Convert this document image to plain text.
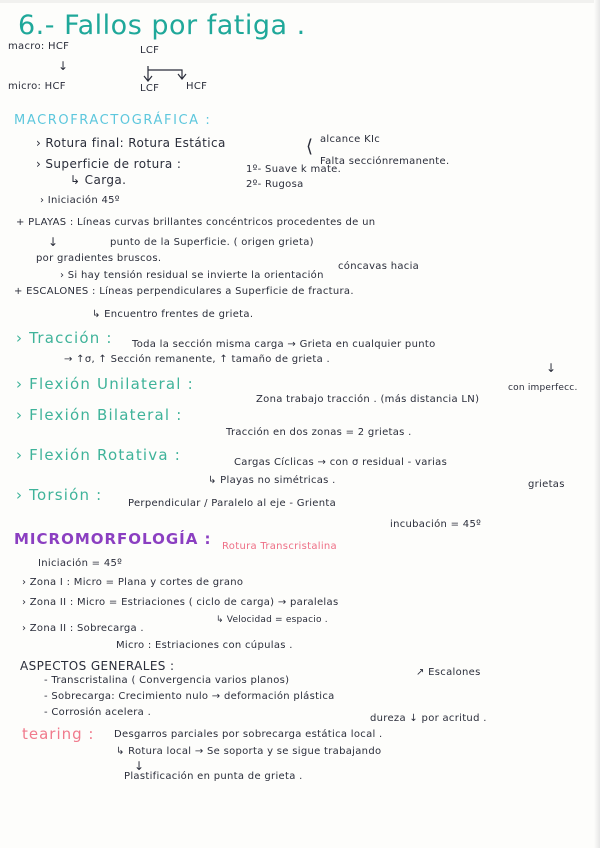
6.- Fallos por fatiga .
macro: HCF	LCF
↓
micro: HCF	LCF	HCF
MACROFRACTOGRÁFICA :
› Rotura final: Rotura Estática	⟨ alcance KIc
Falta secciónremanente.
› Superficie de rotura :	1º- Suave k mate.
↳ Carga.	2º- Rugosa
› Iniciación 45º
+ PLAYAS : Líneas curvas brillantes concéntricos procedentes de un
↓	punto de la Superficie. ( origen grieta)
por gradientes bruscos.
cóncavas hacia
› Si hay tensión residual se invierte la orientación
+ ESCALONES : Líneas perpendiculares a Superficie de fractura.
↳ Encuentro frentes de grieta.
› Tracción : Toda la sección misma carga → Grieta en cualquier punto
→ ↑σ, ↑ Sección remanente, ↑ tamaño de grieta .
↓
con imperfecc.
› Flexión Unilateral :
Zona trabajo tracción . (más distancia LN)
› Flexión Bilateral :
Tracción en dos zonas = 2 grietas .
› Flexión Rotativa :	Cargas Cíclicas → con σ residual - varias
grietas
↳ Playas no simétricas .
› Torsión :	Perpendicular / Paralelo al eje - Grienta
incubación = 45º
MICROMORFOLOGÍA : Rotura Transcristalina
Iniciación = 45º
› Zona I : Micro = Plana y cortes de grano
› Zona II : Micro = Estriaciones ( ciclo de carga) → paralelas
↳ Velocidad = espacio .
› Zona II : Sobrecarga .
Micro : Estriaciones con cúpulas .
ASPECTOS GENERALES :	↗ Escalones
- Transcristalina ( Convergencia varios planos)
- Sobrecarga: Crecimiento nulo → deformación plástica
- Corrosión acelera .
dureza ↓ por acritud .
tearing : Desgarros parciales por sobrecarga estática local .
↳ Rotura local → Se soporta y se sigue trabajando
↓
Plastificación en punta de grieta .
